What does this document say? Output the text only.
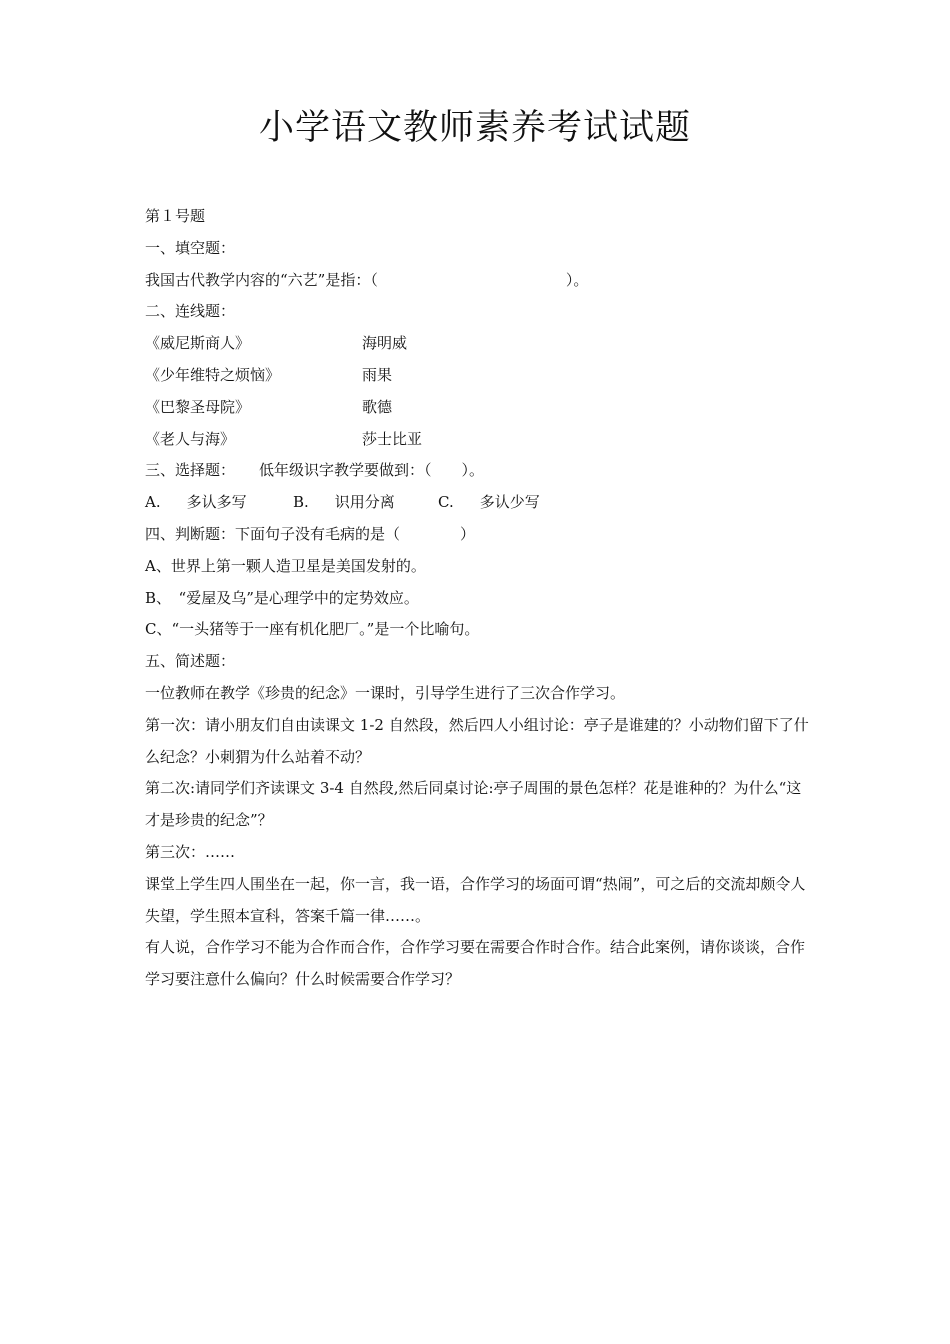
小学语文教师素养考试试题
第１号题
一、填空题：
我国古代教学内容的“六艺”是指：（	）。
二、连线题：
《威尼斯商人》	海明威
《少年维特之烦恼》	雨果
《巴黎圣母院》	歌德
《老人与海》	莎士比亚
三、选择题： 低年级识字教学要做到：（　　）。
A. 多认多写	B. 识用分离	C. 多认少写
四、判断题：下面句子没有毛病的是（　　　　）
A、世界上第一颗人造卫星是美国发射的。
B、　“爱屋及乌”是心理学中的定势效应。
C、“一头猪等于一座有机化肥厂。”是一个比喻句。
五、简述题：
一位教师在教学《珍贵的纪念》一课时，引导学生进行了三次合作学习。
第一次：请小朋友们自由读课文 1-2 自然段，然后四人小组讨论：亭子是谁建的？小动物们留下了什么纪念？小刺猬为什么站着不动？
第二次:请同学们齐读课文 3-4 自然段,然后同桌讨论:亭子周围的景色怎样？花是谁种的？为什么“这才是珍贵的纪念”？
第三次：……
课堂上学生四人围坐在一起，你一言，我一语，合作学习的场面可谓“热闹”，可之后的交流却颇令人失望，学生照本宣科，答案千篇一律……。
有人说，合作学习不能为合作而合作，合作学习要在需要合作时合作。结合此案例，请你谈谈，合作学习要注意什么偏向？什么时候需要合作学习？
